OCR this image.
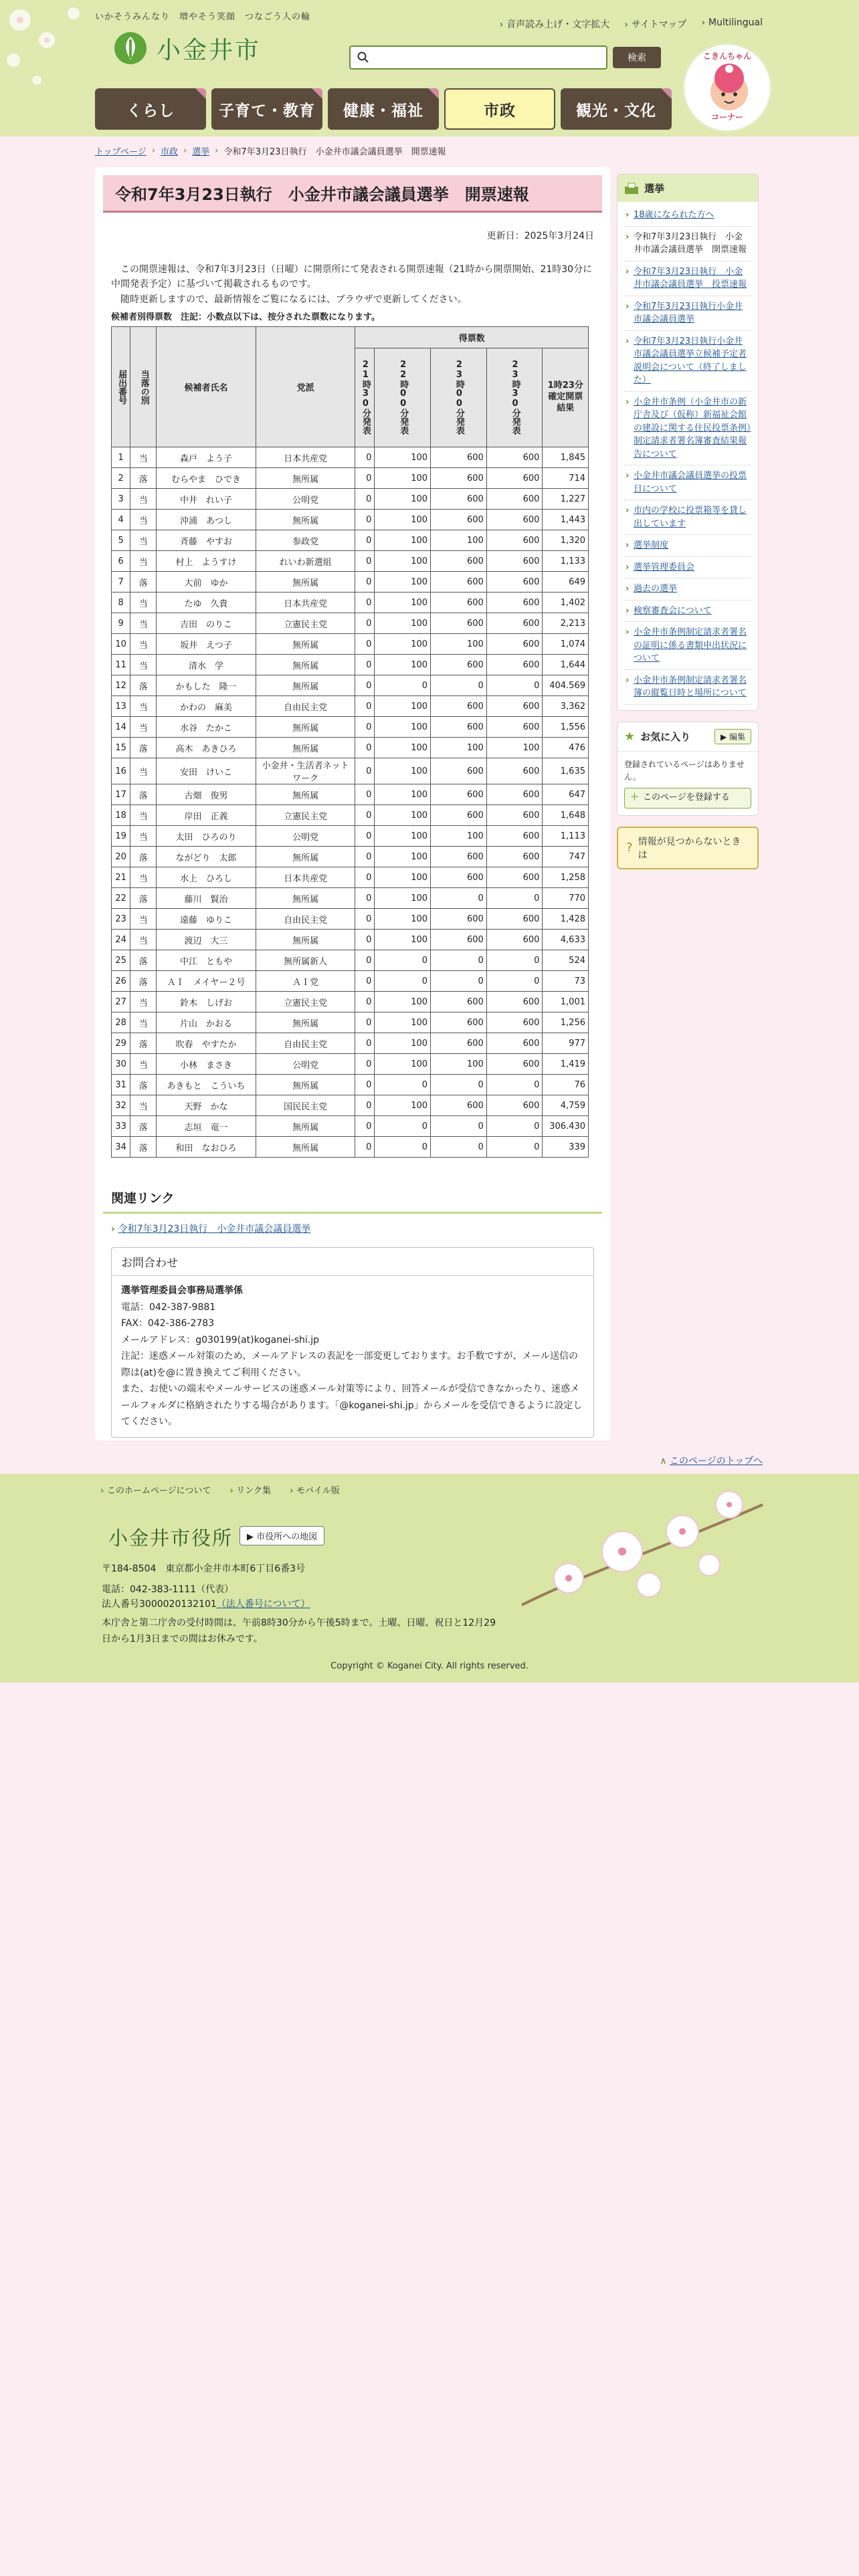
いかそうみんなり　増やそう笑顔　つなごう人の輪
小金井市
› 音声読み上げ・文字拡大	› サイトマップ	› Multilingual
検索	こきんちゃん
コーナー
くらし	子育て・教育 健康・福祉	市政	観光・文化
トップページ › 市政 › 選挙 › 令和7年3月23日執行　小金井市議会議員選挙　開票速報
令和7年3月23日執行　小金井市議会議員選挙　開票速報
更新日：2025年3月24日

この開票速報は、令和7年3月23日（日曜）に開票所にて発表される開票速報（21時から開票開始、21時30分に中間発表予定）に基づいて掲載されるものです。

随時更新しますので、最新情報をご覧になるには、ブラウザで更新してください。

候補者別得票数　注記：小数点以下は、按分された票数になります。
届出番号	当落の別	候補者氏名	党派	得票数				

				21時30分発表	22時00分発表	23時00分発表	23時30分発表	1時23分確定開票結果
1	当	森戸　よう子	日本共産党	0	100	600	600	1,845
2	落	むらやま　ひでき	無所属	0	100	600	600	714
3	当	中井　れい子	公明党	0	100	600	600	1,227
4	当	沖浦　あつし	無所属	0	100	600	600	1,443
5	当	斉藤　やすお	参政党	0	100	100	600	1,320
6	当	村上　ようすけ	れいわ新選組	0	100	600	600	1,133
7	落	大前　ゆか	無所属	0	100	600	600	649
8	当	たゆ　久貴	日本共産党	0	100	600	600	1,402
9	当	吉田　のりこ	立憲民主党	0	100	600	600	2,213
10	当	坂井　えつ子	無所属	0	100	100	600	1,074
11	当	清水　学	無所属	0	100	600	600	1,644
12	落	かもした　隆一	無所属	0	0	0	0	404.569
13	当	かわの　麻美	自由民主党	0	100	600	600	3,362
14	当	水谷　たかこ	無所属	0	100	600	600	1,556
15	落	高木　あきひろ	無所属	0	100	100	100	476
16	当	安田　けいこ	小金井・生活者ネットワーク	0	100	600	600	1,635
17	落	古畑　俊男	無所属	0	100	600	600	647
18	当	岸田　正義	立憲民主党	0	100	600	600	1,648
19	当	太田　ひろのり	公明党	0	100	100	600	1,113
20	落	ながどり　太郎	無所属	0	100	600	600	747
21	当	水上　ひろし	日本共産党	0	100	600	600	1,258
22	落	藤川　賢治	無所属	0	100	0	0	770
23	当	遠藤　ゆりこ	自由民主党	0	100	600	600	1,428
24	当	渡辺　大三	無所属	0	100	600	600	4,633
25	落	中江　ともや	無所属新人	0	0	0	0	524
26	落	ＡＩ　メイヤー２号	ＡＩ党	0	0	0	0	73
27	当	鈴木　しげお	立憲民主党	0	100	600	600	1,001
28	当	片山　かおる	無所属	0	100	600	600	1,256
29	落	吹春　やすたか	自由民主党	0	100	600	600	977
30	当	小林　まさき	公明党	0	100	100	600	1,419
31	落	あきもと　こういち	無所属	0	0	0	0	76
32	当	天野　かな	国民民主党	0	100	600	600	4,759
33	落	志垣　竜一	無所属	0	0	0	0	306.430
34	落	和田　なおひろ	無所属	0	0	0	0	339
関連リンク
› 令和7年3月23日執行　小金井市議会議員選挙
お問合わせ
選挙管理委員会事務局選挙係
電話：042-387-9881
FAX：042-386-2783
メールアドレス：g030199(at)koganei-shi.jp
注記：迷惑メール対策のため、メールアドレスの表記を一部変更しております。お手数ですが、メール送信の際は(at)を@に置き換えてご利用ください。
また、お使いの端末やメールサービスの迷惑メール対策等により、回答メールが受信できなかったり、迷惑メールフォルダに格納されたりする場合があります。「@koganei-shi.jp」からメールを受信できるように設定してください。
選挙
› 18歳になられた方へ
› 令和7年3月23日執行　小金井市議会議員選挙　開票速報
› 令和7年3月23日執行　小金井市議会議員選挙　投票速報
› 令和7年3月23日執行小金井市議会議員選挙
› 令和7年3月23日執行小金井市議会議員選挙立候補予定者説明会について（終了しました）
› 小金井市条例（小金井市の新庁舎及び（仮称）新福祉会館の建設に関する住民投票条例）制定請求者署名簿審査結果報告について
› 小金井市議会議員選挙の投票日について
› 市内の学校に投票箱等を貸し出しています
› 選挙制度
› 選挙管理委員会
› 過去の選挙
› 検察審査会について
› 小金井市条例制定請求者署名の証明に係る書類申出状況について
› 小金井市条例制定請求者署名簿の縦覧日時と場所について
★ お気に入り	▶ 編集
登録されているページはありません。
＋ このページを登録する
? 情報が見つからないときは
∧ このページのトップへ
› このホームページについて	› リンク集	› モバイル版
小金井市役所	▶ 市役所への地図
〒184-8504　東京都小金井市本町6丁目6番3号
電話：042-383-1111（代表）
法人番号3000020132101（法人番号について）
本庁舎と第二庁舎の受付時間は、午前8時30分から午後5時まで。土曜、日曜、祝日と12月29日から1月3日までの間はお休みです。
Copyright © Koganei City. All rights reserved.
